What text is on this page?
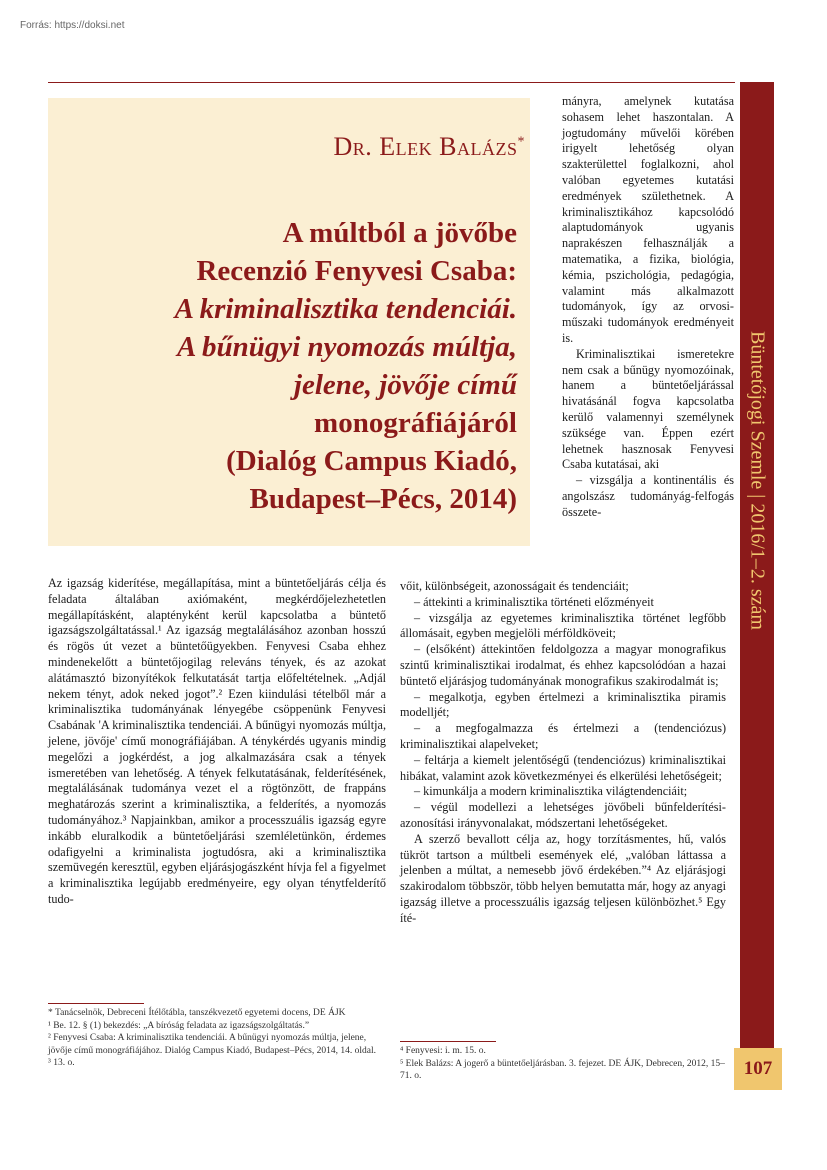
Forrás: https://doksi.net
Büntetőjogi Szemle | 2016/1–2. szám
107
Dr. Elek Balázs*
A múltból a jövőbe
Recenzió Fenyvesi Csaba:
A kriminalisztika tendenciái.
A bűnügyi nyomozás múltja,
jelene, jövője című
monográfiájáról
(Dialóg Campus Kiadó,
Budapest–Pécs, 2014)

mányra, amelynek kutatása sohasem lehet haszontalan. A jogtudomány művelői körében irigyelt lehetőség olyan szakterülettel foglalkozni, ahol valóban egyetemes kutatási eredmények születhetnek. A kriminalisztikához kapcsolódó alaptudományok ugyanis naprakészen felhasználják a matematika, a fizika, biológia, kémia, pszichológia, pedagógia, valamint más alkalmazott tudományok, így az orvosi-műszaki tudományok eredményeit is.

Kriminalisztikai ismeretekre nem csak a bűnügy nyomozóinak, hanem a büntetőeljárással hivatásánál fogva kapcsolatba kerülő valamennyi személynek szüksége van. Éppen ezért lehetnek hasznosak Fenyvesi Csaba kutatásai, aki

– vizsgálja a kontinentális és angolszász tudományág-felfogás összete-

Az igazság kiderítése, megállapítása, mint a büntetőeljárás célja és feladata általában axiómaként, megkérdőjelezhetetlen megállapításként, alaptényként kerül kapcsolatba a büntető igazságszolgáltatással.¹ Az igazság megtalálásához azonban hosszú és rögös út vezet a büntetőügyekben. Fenyvesi Csaba ehhez mindenekelőtt a büntetőjogilag releváns tények, és az azokat alátámasztó bizonyítékok felkutatását tartja előfeltételnek. „Adjál nekem tényt, adok neked jogot”.² Ezen kiindulási tételből már a kriminalisztika tudományának lényegébe csöppenünk Fenyvesi Csabának 'A kriminalisztika tendenciái. A bűnügyi nyomozás múltja, jelene, jövője' című monográfiájában. A ténykérdés ugyanis mindig megelőzi a jogkérdést, a jog alkalmazására csak a tények ismeretében van lehetőség. A tények felkutatásának, felderítésének, megtalálásának tudománya vezet el a rögtönzött, de frappáns meghatározás szerint a kriminalisztika, a felderítés, a nyomozás tudományához.³ Napjainkban, amikor a processzuális igazság egyre inkább eluralkodik a büntetőeljárási szemléletünkön, érdemes odafigyelni a kriminalista jogtudósra, aki a kriminalisztika szemüvegén keresztül, egyben eljárásjogászként hívja fel a figyelmet a kriminalisztika legújabb eredményeire, egy olyan ténytfelderítő tudo-

vőit, különbségeit, azonosságait és tendenciáit;

– áttekinti a kriminalisztika történeti előzményeit

– vizsgálja az egyetemes kriminalisztika történet legfőbb állomásait, egyben megjelöli mérföldköveit;

– (elsőként) áttekintően feldolgozza a magyar monografikus szintű kriminalisztikai irodalmat, és ehhez kapcsolódóan a hazai büntető eljárásjog tudományának monografikus szakirodalmát is;

– megalkotja, egyben értelmezi a kriminalisztika piramis modelljét;

– a megfogalmazza és értelmezi a (tendenciózus) kriminalisztikai alapelveket;

– feltárja a kiemelt jelentőségű (tendenciózus) kriminalisztikai hibákat, valamint azok következményei és elkerülési lehetőségeit;

– kimunkálja a modern kriminalisztika világtendenciáit;

– végül modellezi a lehetséges jövőbeli bűnfelderítési-azonosítási irányvonalakat, módszertani lehetőségeket.

A szerző bevallott célja az, hogy torzításmentes, hű, valós tükröt tartson a múltbeli események elé, „valóban láttassa a jelenben a múltat, a nemesebb jövő érdekében.”⁴ Az eljárásjogi szakirodalom többször, több helyen bemutatta már, hogy az anyagi igazság illetve a processzuális igazság teljesen különbözhet.⁵ Egy íté-

* Tanácselnök, Debreceni Ítélőtábla, tanszékvezető egyetemi docens, DE ÁJK

¹ Be. 12. § (1) bekezdés: „A bíróság feladata az igazságszolgáltatás.”

² Fenyvesi Csaba: A kriminalisztika tendenciái. A bűnügyi nyomozás múltja, jelene, jövője című monográfiájához. Dialóg Campus Kiadó, Budapest–Pécs, 2014, 14. oldal.

³ 13. o.

⁴ Fenyvesi: i. m. 15. o.

⁵ Elek Balázs: A jogerő a büntetőeljárásban. 3. fejezet. DE ÁJK, Debrecen, 2012, 15–71. o.
